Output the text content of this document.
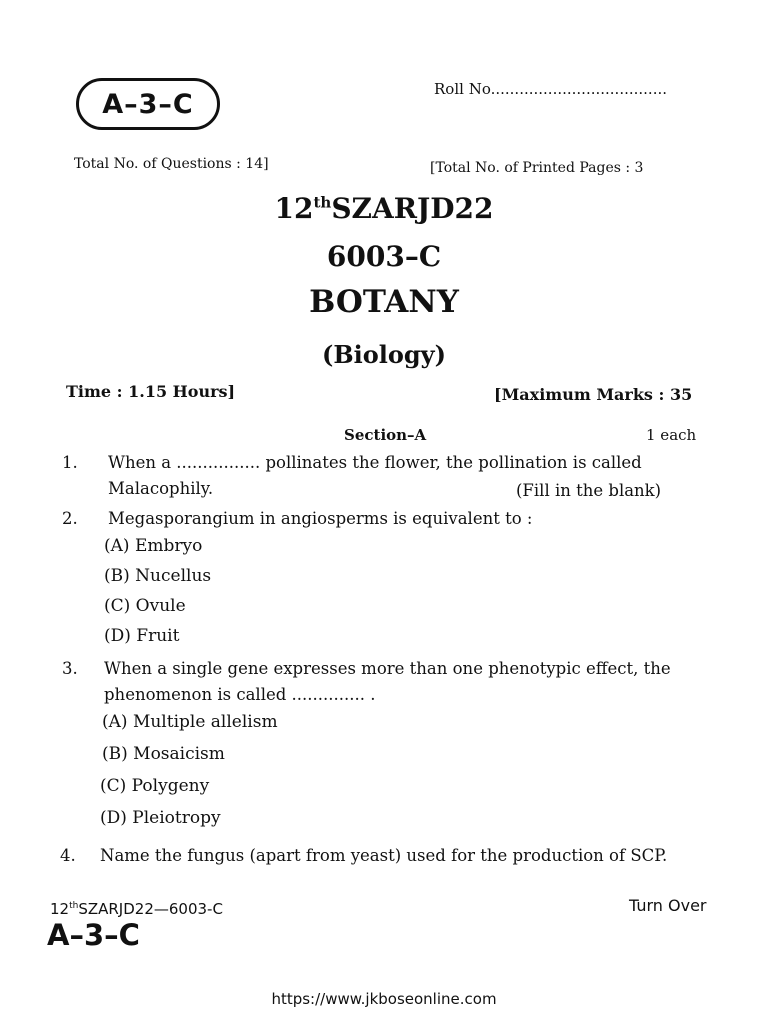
A–3–C	Roll No.....................................
Total No. of Questions : 14]	[Total No. of Printed Pages : 3
12thSZARJD22
6003–C
BOTANY
(Biology)
Time : 1.15 Hours]	[Maximum Marks : 35
Section–A	1 each
1. When a ................ pollinates the flower, the pollination is called
Malacophily.	(Fill in the blank)
2. Megasporangium in angiosperms is equivalent to :
(A) Embryo
(B) Nucellus
(C) Ovule
(D) Fruit
3. When a single gene expresses more than one phenotypic effect, the
phenomenon is called .............. .
(A) Multiple allelism
(B) Mosaicism
(C) Polygeny
(D) Pleiotropy
4. Name the fungus (apart from yeast) used for the production of SCP.
12thSZARJD22—6003-C	Turn Over
A–3–C
https://www.jkboseonline.com
